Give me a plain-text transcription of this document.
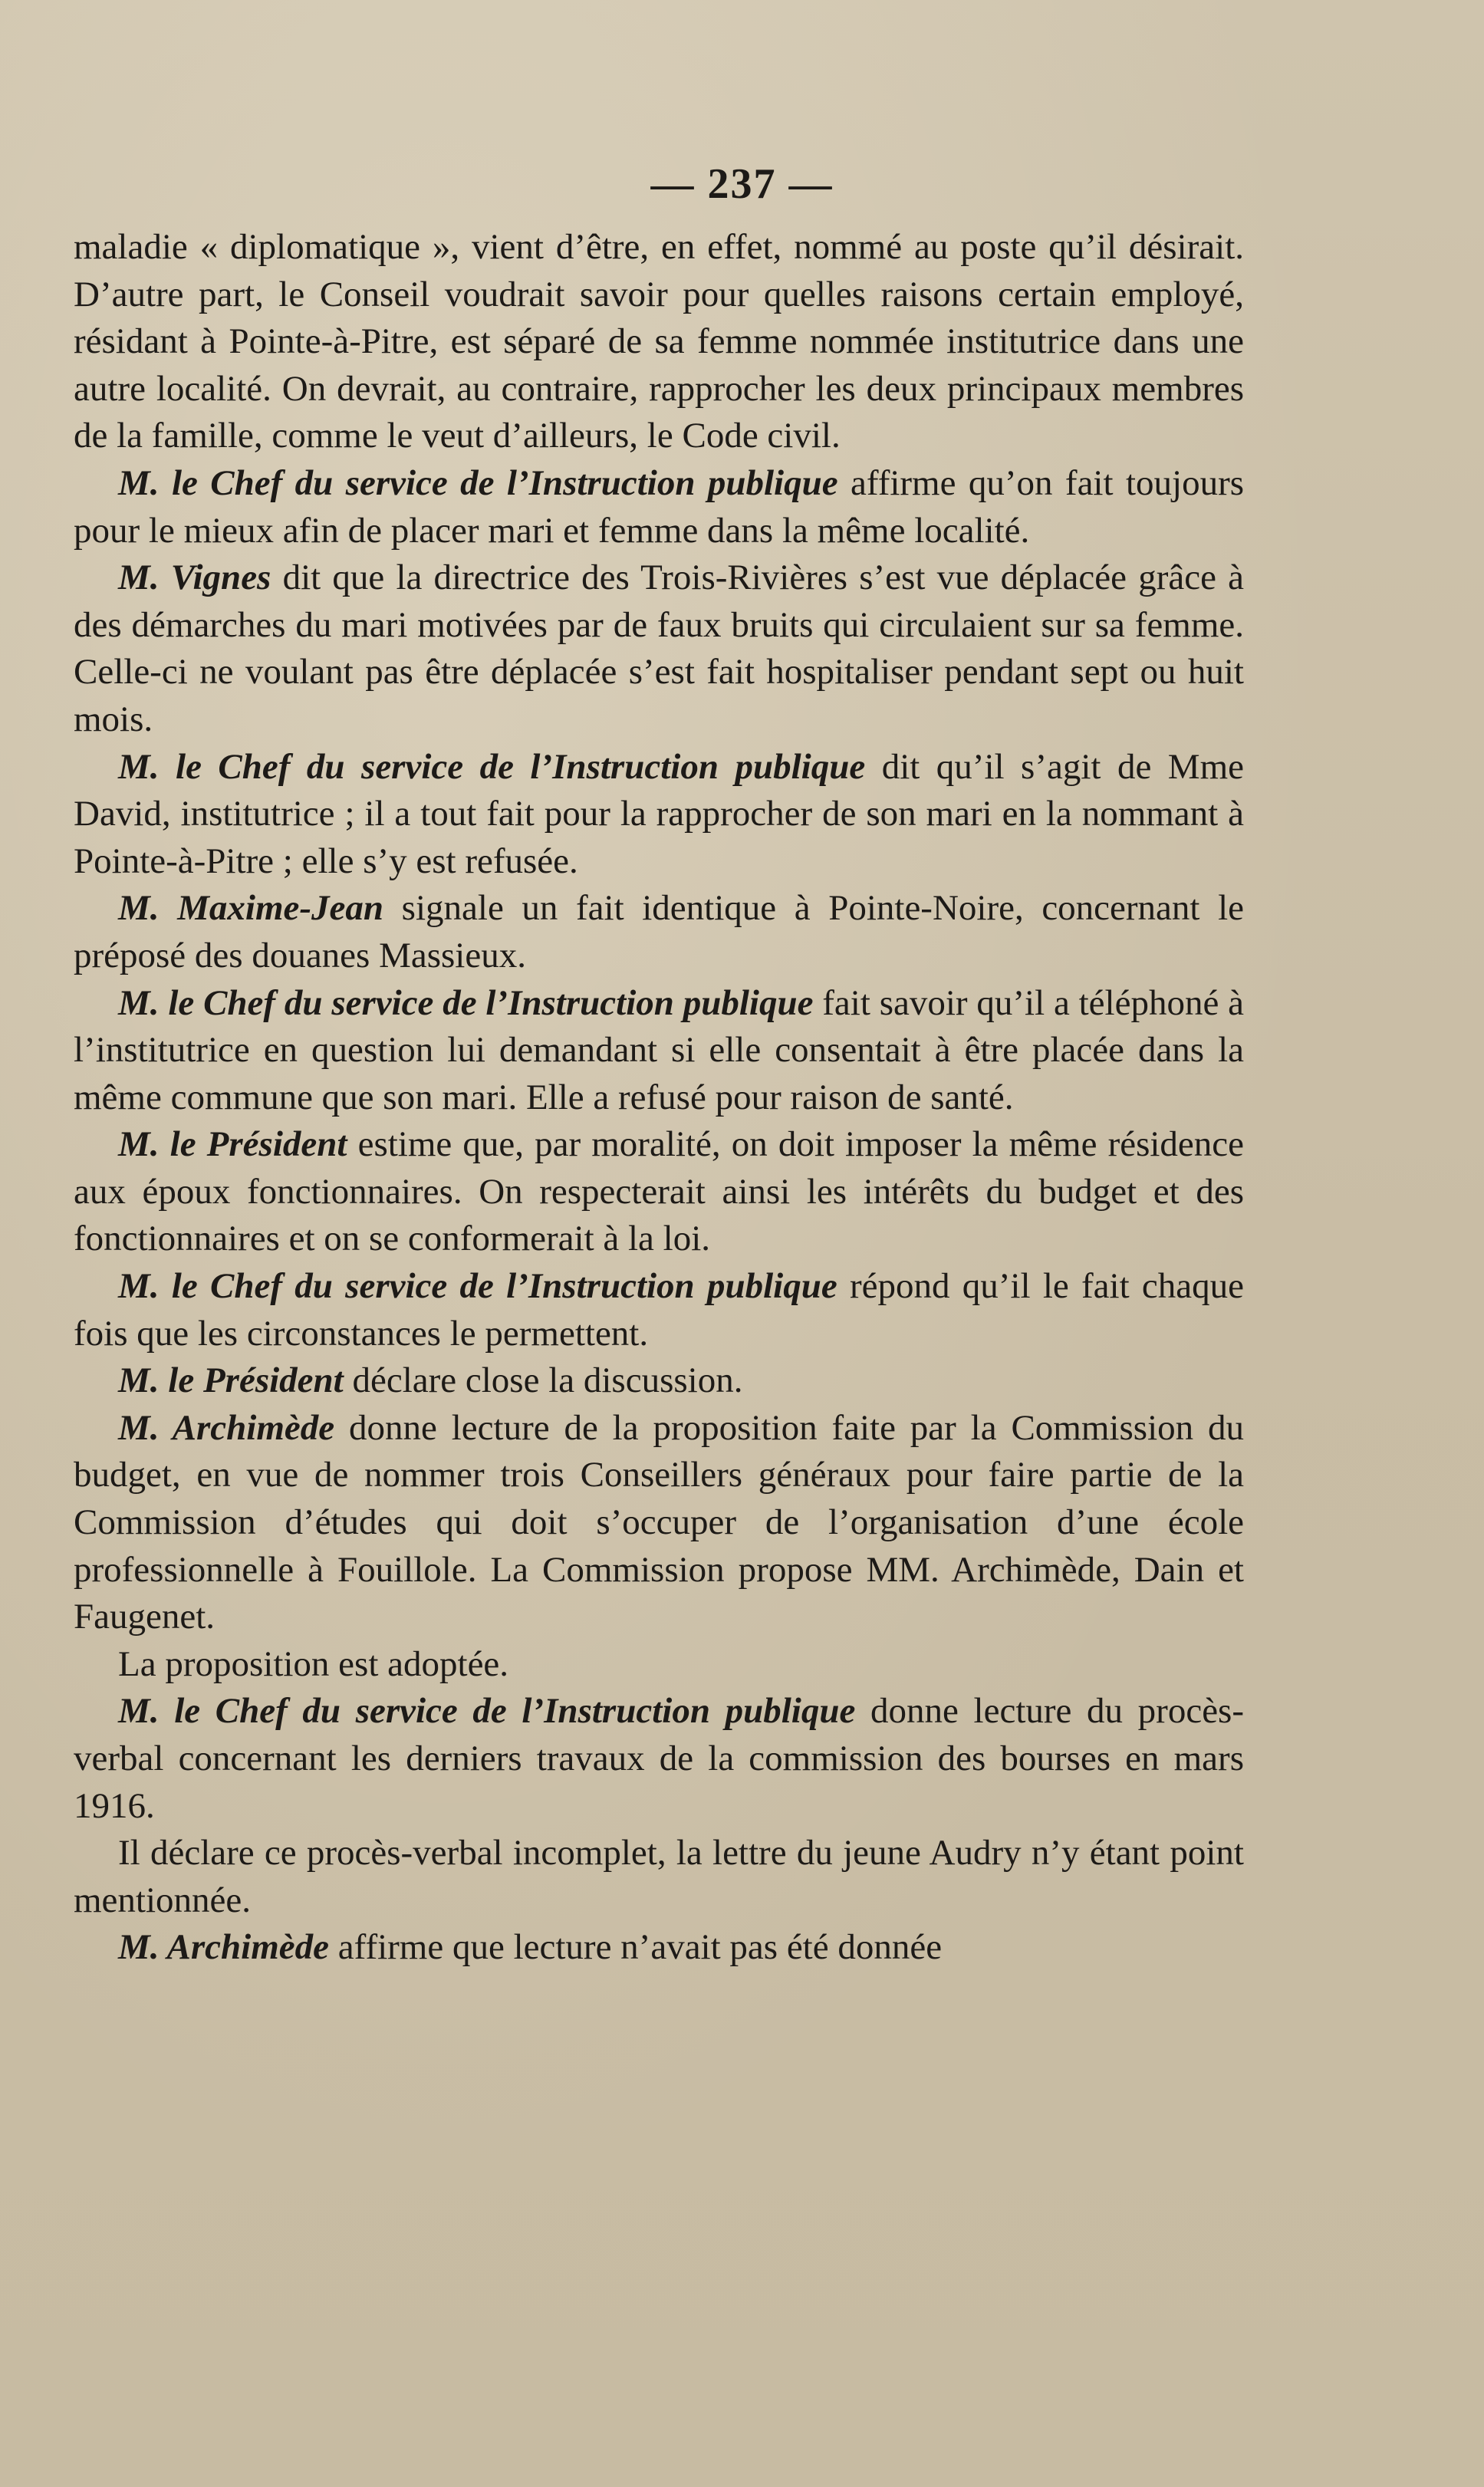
— 237 —

maladie « diplomatique », vient d’être, en effet, nommé au poste qu’il désirait. D’autre part, le Conseil voudrait savoir pour quelles raisons certain employé, résidant à Pointe-à-Pitre, est séparé de sa femme nommée institutrice dans une autre localité. On devrait, au contraire, rapprocher les deux principaux membres de la famille, comme le veut d’ailleurs, le Code civil.

M. le Chef du service de l’Instruction publique affirme qu’on fait toujours pour le mieux afin de placer mari et femme dans la même localité.

M. Vignes dit que la directrice des Trois-Rivières s’est vue déplacée grâce à des démarches du mari motivées par de faux bruits qui circulaient sur sa femme. Celle-ci ne voulant pas être déplacée s’est fait hospitaliser pendant sept ou huit mois.

M. le Chef du service de l’Instruction publique dit qu’il s’agit de Mme David, institutrice ; il a tout fait pour la rapprocher de son mari en la nommant à Pointe-à-Pitre ; elle s’y est refusée.

M. Maxime-Jean signale un fait identique à Pointe-Noire, concernant le préposé des douanes Massieux.

M. le Chef du service de l’Instruction publique fait savoir qu’il a téléphoné à l’institutrice en question lui demandant si elle consentait à être placée dans la même commune que son mari. Elle a refusé pour raison de santé.

M. le Président estime que, par moralité, on doit imposer la même résidence aux époux fonctionnaires. On respecterait ainsi les intérêts du budget et des fonctionnaires et on se conformerait à la loi.

M. le Chef du service de l’Instruction publique répond qu’il le fait chaque fois que les circonstances le permettent.

M. le Président déclare close la discussion.

M. Archimède donne lecture de la proposition faite par la Commission du budget, en vue de nommer trois Conseillers généraux pour faire partie de la Commission d’études qui doit s’occuper de l’organisation d’une école professionnelle à Fouillole. La Commission propose MM. Archimède, Dain et Faugenet.

La proposition est adoptée.

M. le Chef du service de l’Instruction publique donne lecture du procès-verbal concernant les derniers travaux de la commission des bourses en mars 1916.

Il déclare ce procès-verbal incomplet, la lettre du jeune Audry n’y étant point mentionnée.

M. Archimède affirme que lecture n’avait pas été donnée
